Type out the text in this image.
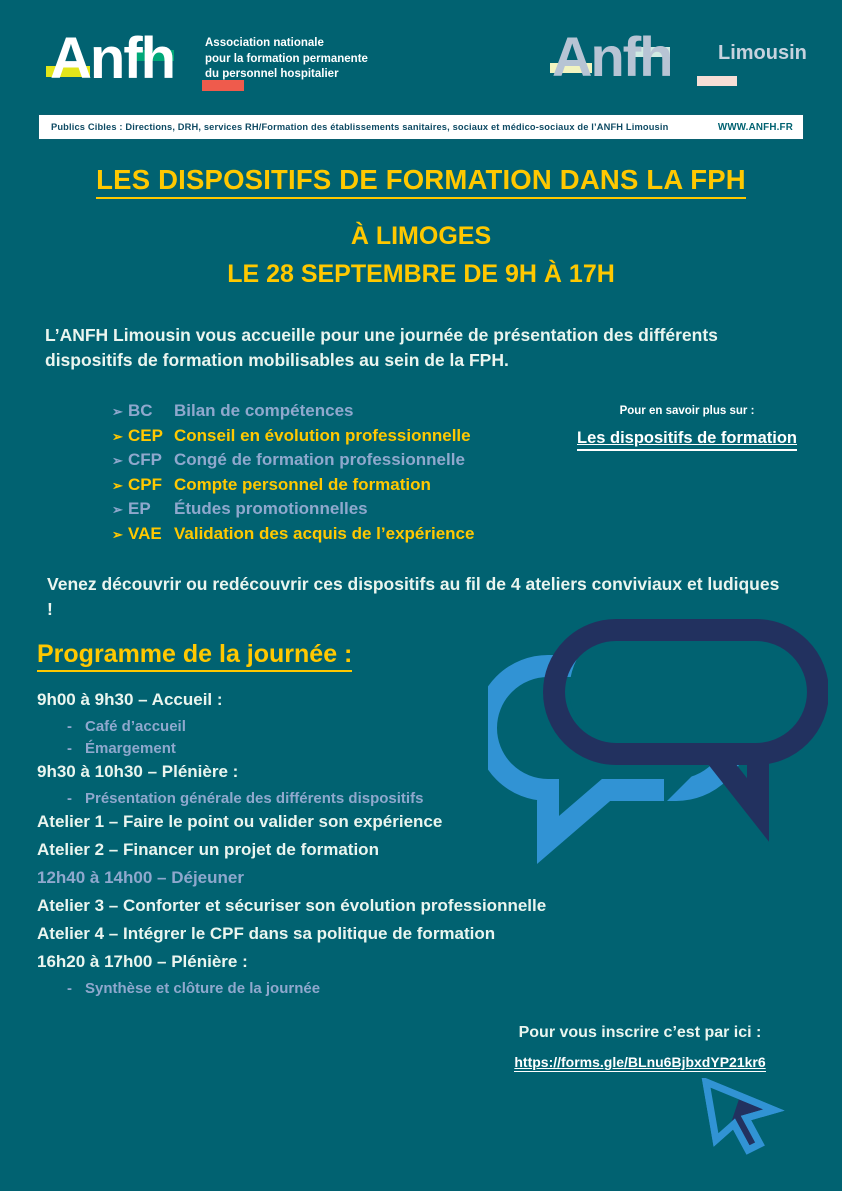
Anfh	Association nationale
pour la formation permanente
du personnel hospitalier	Anfh Limousin
Publics Cibles : Directions, DRH, services RH/Formation des établissements sanitaires, sociaux et médico-sociaux de l’ANFH Limousin	WWW.ANFH.FR
LES DISPOSITIFS DE FORMATION DANS LA FPH
À LIMOGES
LE 28 SEPTEMBRE DE 9H À 17H
L’ANFH Limousin vous accueille pour une journée de présentation des différents dispositifs de formation mobilisables au sein de la FPH.
➢ BC	Bilan de compétences
➢ CEP Conseil en évolution professionnelle
➢ CFP Congé de formation professionnelle
➢ CPF Compte personnel de formation
➢ EP	Études promotionnelles
➢ VAE Validation des acquis de l’expérience
Pour en savoir plus sur :
Les dispositifs de formation
Venez découvrir ou redécouvrir ces dispositifs au fil de 4 ateliers conviviaux et ludiques !
Programme de la journée :
9h00 à 9h30 – Accueil :
- Café d’accueil
- Émargement
9h30 à 10h30 – Plénière :
- Présentation générale des différents dispositifs
Atelier 1 – Faire le point ou valider son expérience
Atelier 2 – Financer un projet de formation
12h40 à 14h00 – Déjeuner
Atelier 3 – Conforter et sécuriser son évolution professionnelle
Atelier 4 – Intégrer le CPF dans sa politique de formation
16h20 à 17h00 – Plénière :
- Synthèse et clôture de la journée
Pour vous inscrire c’est par ici :
https://forms.gle/BLnu6BjbxdYP21kr6
